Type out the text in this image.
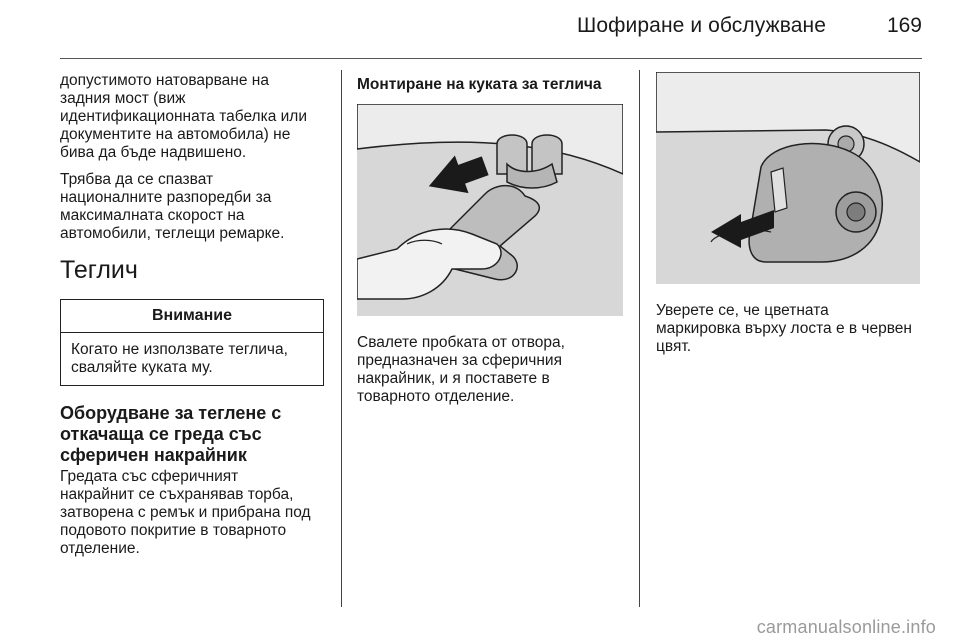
Шофиране и обслужване	169

допустимото натоварване на
задния мост (виж
идентификационната табелка или
документите на автомобила) не
бива да бъде надвишено.

Трябва да се спазват
националните разпоредби за
максималната скорост на
автомобили, теглещи ремарке.

Теглич
Внимание
Когато не използвате теглича,
сваляйте куката му.
Оборудване за теглене с
откачаща се греда със
сферичен накрайник

Гредата със сферичният
накрайнит се съхранявав торба,
затворена с ремък и прибрана под
подовото покритие в товарното
отделение.

Монтиране на куката за теглича

Свалете пробката от отвора,
предназначен за сферичния
накрайник, и я поставете в
товарното отделение.

Уверете се, че цветната
маркировка върху лоста е в червен
цвят.

carmanualsonline.info
